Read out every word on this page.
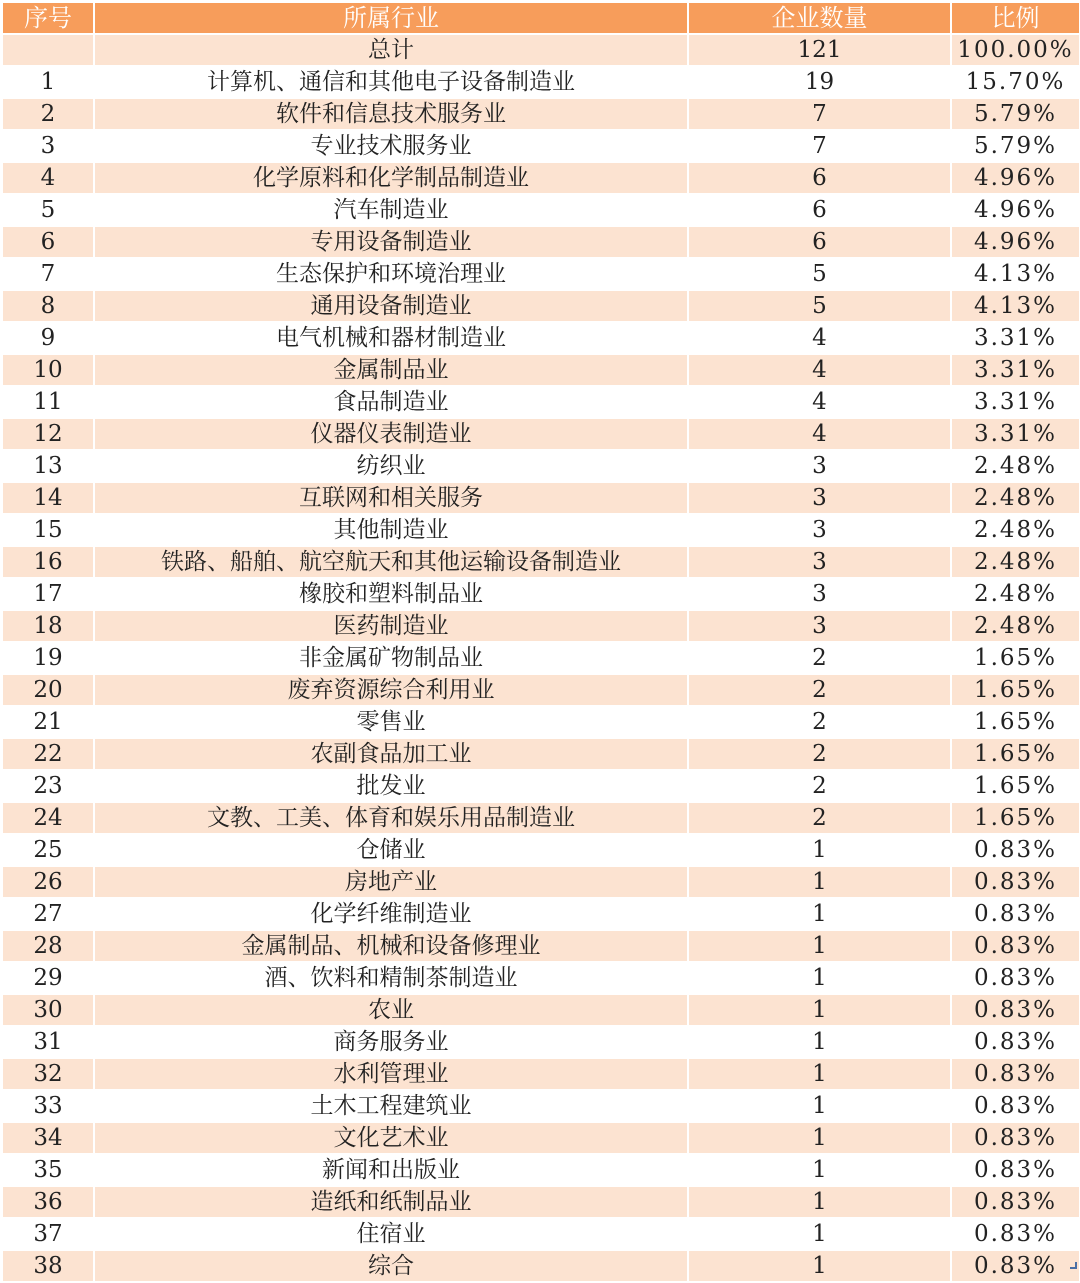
序号	所属行业	企业数量	比例
	总计	121	100.00%
1	计算机、通信和其他电子设备制造业	19	15.70%
2	软件和信息技术服务业	7	5.79%
3	专业技术服务业	7	5.79%
4	化学原料和化学制品制造业	6	4.96%
5	汽车制造业	6	4.96%
6	专用设备制造业	6	4.96%
7	生态保护和环境治理业	5	4.13%
8	通用设备制造业	5	4.13%
9	电气机械和器材制造业	4	3.31%
10	金属制品业	4	3.31%
11	食品制造业	4	3.31%
12	仪器仪表制造业	4	3.31%
13	纺织业	3	2.48%
14	互联网和相关服务	3	2.48%
15	其他制造业	3	2.48%
16	铁路、船舶、航空航天和其他运输设备制造业	3	2.48%
17	橡胶和塑料制品业	3	2.48%
18	医药制造业	3	2.48%
19	非金属矿物制品业	2	1.65%
20	废弃资源综合利用业	2	1.65%
21	零售业	2	1.65%
22	农副食品加工业	2	1.65%
23	批发业	2	1.65%
24	文教、工美、体育和娱乐用品制造业	2	1.65%
25	仓储业	1	0.83%
26	房地产业	1	0.83%
27	化学纤维制造业	1	0.83%
28	金属制品、机械和设备修理业	1	0.83%
29	酒、饮料和精制茶制造业	1	0.83%
30	农业	1	0.83%
31	商务服务业	1	0.83%
32	水利管理业	1	0.83%
33	土木工程建筑业	1	0.83%
34	文化艺术业	1	0.83%
35	新闻和出版业	1	0.83%
36	造纸和纸制品业	1	0.83%
37	住宿业	1	0.83%
38	综合	1	0.83%
